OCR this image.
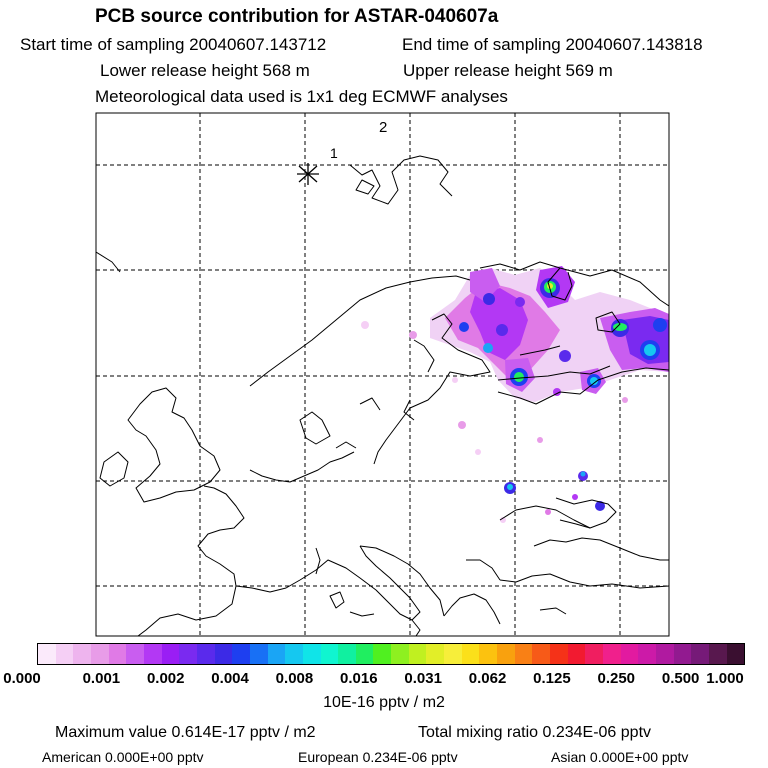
PCB source contribution for ASTAR-040607a
Start time of sampling 20040607.143712	End time of sampling 20040607.143818
Lower release height 568 m	Upper release height 569 m
Meteorological data used is 1x1 deg ECMWF analyses
1
2
0.000	0.001 0.002 0.004 0.008 0.016 0.031 0.062 0.125 0.250 0.500 1.000
10E-16 pptv / m2
Maximum value 0.614E-17 pptv / m2	Total mixing ratio 0.234E-06 pptv
American 0.000E+00 pptv	European 0.234E-06 pptv	Asian 0.000E+00 pptv
